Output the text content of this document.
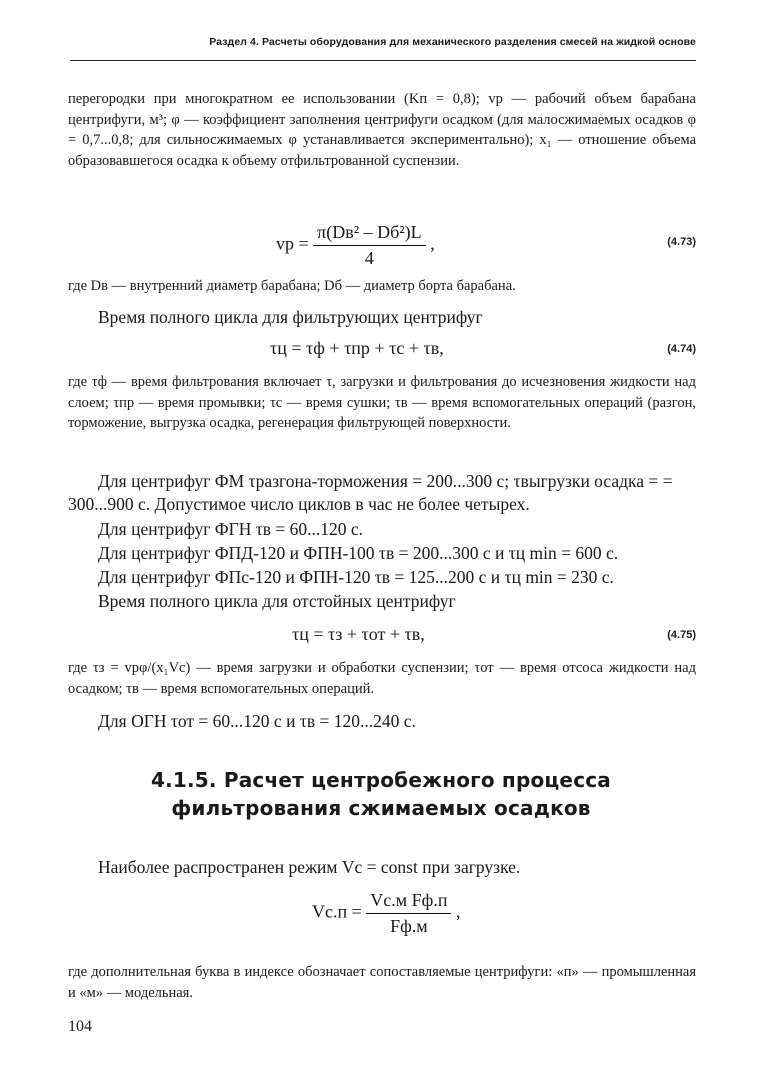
Раздел 4. Расчеты оборудования для механического разделения смесей на жидкой основе
перегородки при многократном ее использовании (Kп = 0,8); vр — рабочий объем барабана центрифуги, м³; φ — коэффициент заполнения центрифуги осадком (для малосжимаемых осадков φ = 0,7...0,8; для сильносжимаемых φ устанавливается экспериментально); x₁ — отношение объема образовавшегося осадка к объему отфильтрованной суспензии.
vр = $\frac{\text{π(Dв² – Dб²)L}}{4}$ ,	(4.73)
где Dв — внутренний диаметр барабана; Dб — диаметр борта барабана.
Время полного цикла для фильтрующих центрифуг
τц = τф + τпр + τс + τв,	(4.74)
где τф — время фильтрования включает τ, загрузки и фильтрования до исчезновения жидкости над слоем; τпр — время промывки; τс — время сушки; τв — время вспомогательных операций (разгон, торможение, выгрузка осадка, регенерация фильтрующей поверхности.
Для центрифуг ФМ τразгона-торможения = 200...300 с; τвыгрузки осадка = = 300...900 с. Допустимое число циклов в час не более четырех.
Для центрифуг ФГН τв = 60...120 с.
Для центрифуг ФПД-120 и ФПН-100 τв = 200...300 с и τц min = 600 с.
Для центрифуг ФПс-120 и ФПН-120 τв = 125...200 с и τц min = 230 с.
Время полного цикла для отстойных центрифуг
τц = τз + τот + τв,	(4.75)
где τз = vрφ/(x₁Vс) — время загрузки и обработки суспензии; τот — время отсоса жидкости над осадком; τв — время вспомогательных операций.
Для ОГН τот = 60...120 с и τв = 120...240 с.
4.1.5. Расчет центробежного процесса
фильтрования сжимаемых осадков
Наиболее распространен режим Vс = const при загрузке.
$Vс.п = \frac{\text{Vс.м Fф.п}}{Fф.м}$ ,
где дополнительная буква в индексе обозначает сопоставляемые центрифуги: «п» — промышленная и «м» — модельная.
104
